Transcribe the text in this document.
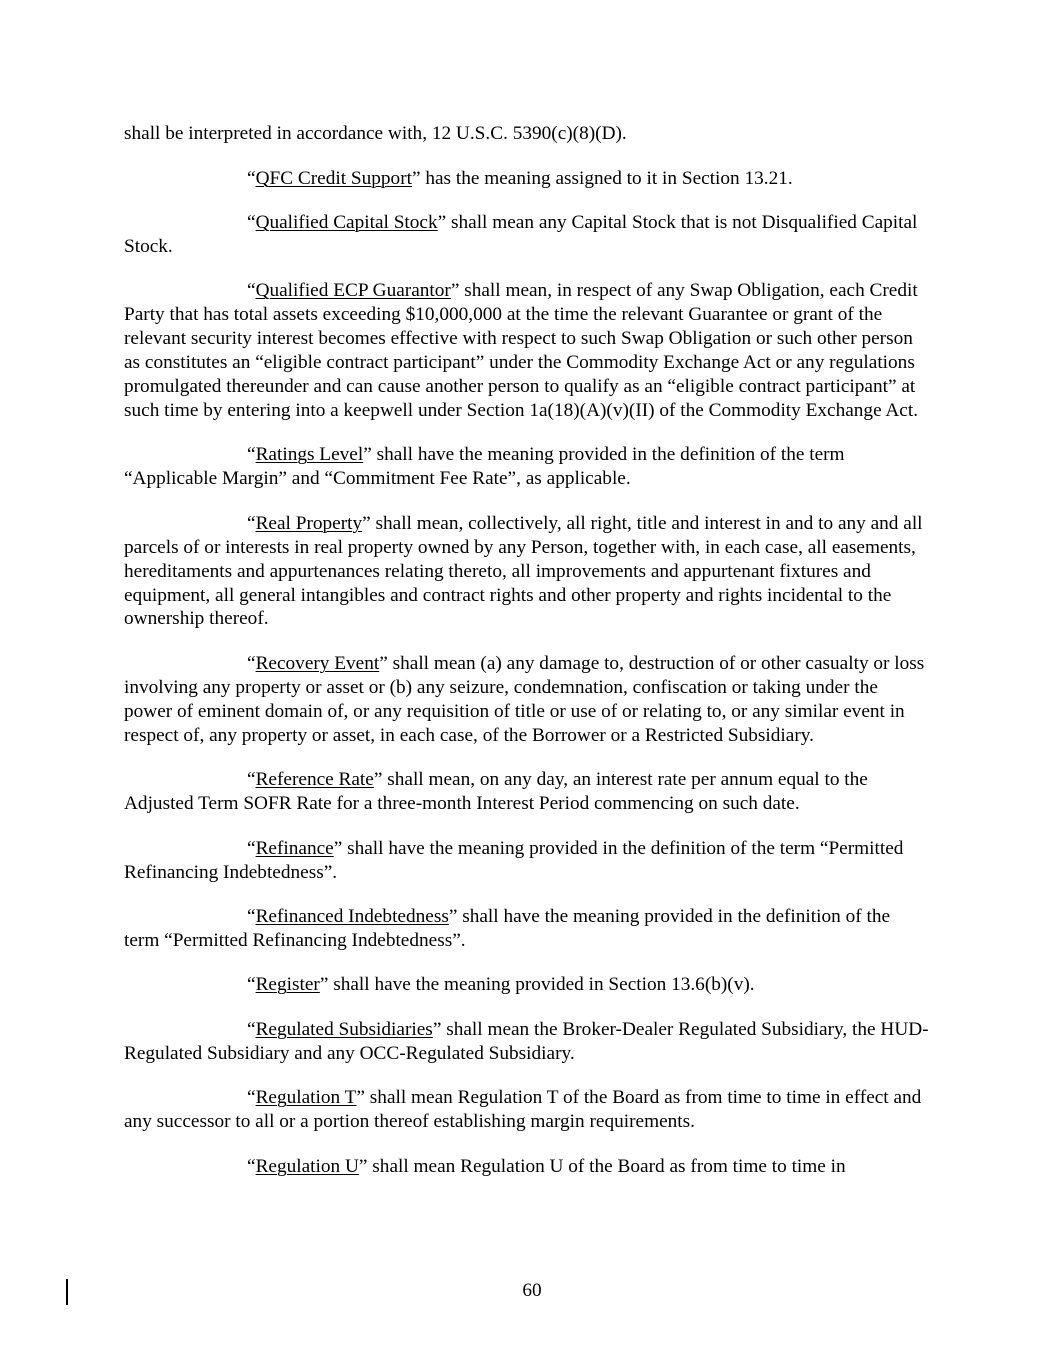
shall be interpreted in accordance with, 12 U.S.C. 5390(c)(8)(D).

“QFC Credit Support” has the meaning assigned to it in Section 13.21.

“Qualified Capital Stock” shall mean any Capital Stock that is not Disqualified Capital Stock.

“Qualified ECP Guarantor” shall mean, in respect of any Swap Obligation, each Credit Party that has total assets exceeding $10,000,000 at the time the relevant Guarantee or grant of the relevant security interest becomes effective with respect to such Swap Obligation or such other person as constitutes an “eligible contract participant” under the Commodity Exchange Act or any regulations promulgated thereunder and can cause another person to qualify as an “eligible contract participant” at such time by entering into a keepwell under Section 1a(18)(A)(v)(II) of the Commodity Exchange Act.

“Ratings Level” shall have the meaning provided in the definition of the term “Applicable Margin” and “Commitment Fee Rate”, as applicable.

“Real Property” shall mean, collectively, all right, title and interest in and to any and all parcels of or interests in real property owned by any Person, together with, in each case, all easements, hereditaments and appurtenances relating thereto, all improvements and appurtenant fixtures and equipment, all general intangibles and contract rights and other property and rights incidental to the ownership thereof.

“Recovery Event” shall mean (a) any damage to, destruction of or other casualty or loss involving any property or asset or (b) any seizure, condemnation, confiscation or taking under the power of eminent domain of, or any requisition of title or use of or relating to, or any similar event in respect of, any property or asset, in each case, of the Borrower or a Restricted Subsidiary.

“Reference Rate” shall mean, on any day, an interest rate per annum equal to the Adjusted Term SOFR Rate for a three-month Interest Period commencing on such date.

“Refinance” shall have the meaning provided in the definition of the term “Permitted Refinancing Indebtedness”.

“Refinanced Indebtedness” shall have the meaning provided in the definition of the term “Permitted Refinancing Indebtedness”.

“Register” shall have the meaning provided in Section 13.6(b)(v).

“Regulated Subsidiaries” shall mean the Broker-Dealer Regulated Subsidiary, the HUD-Regulated Subsidiary and any OCC-Regulated Subsidiary.

“Regulation T” shall mean Regulation T of the Board as from time to time in effect and any successor to all or a portion thereof establishing margin requirements.

“Regulation U” shall mean Regulation U of the Board as from time to time in

60
